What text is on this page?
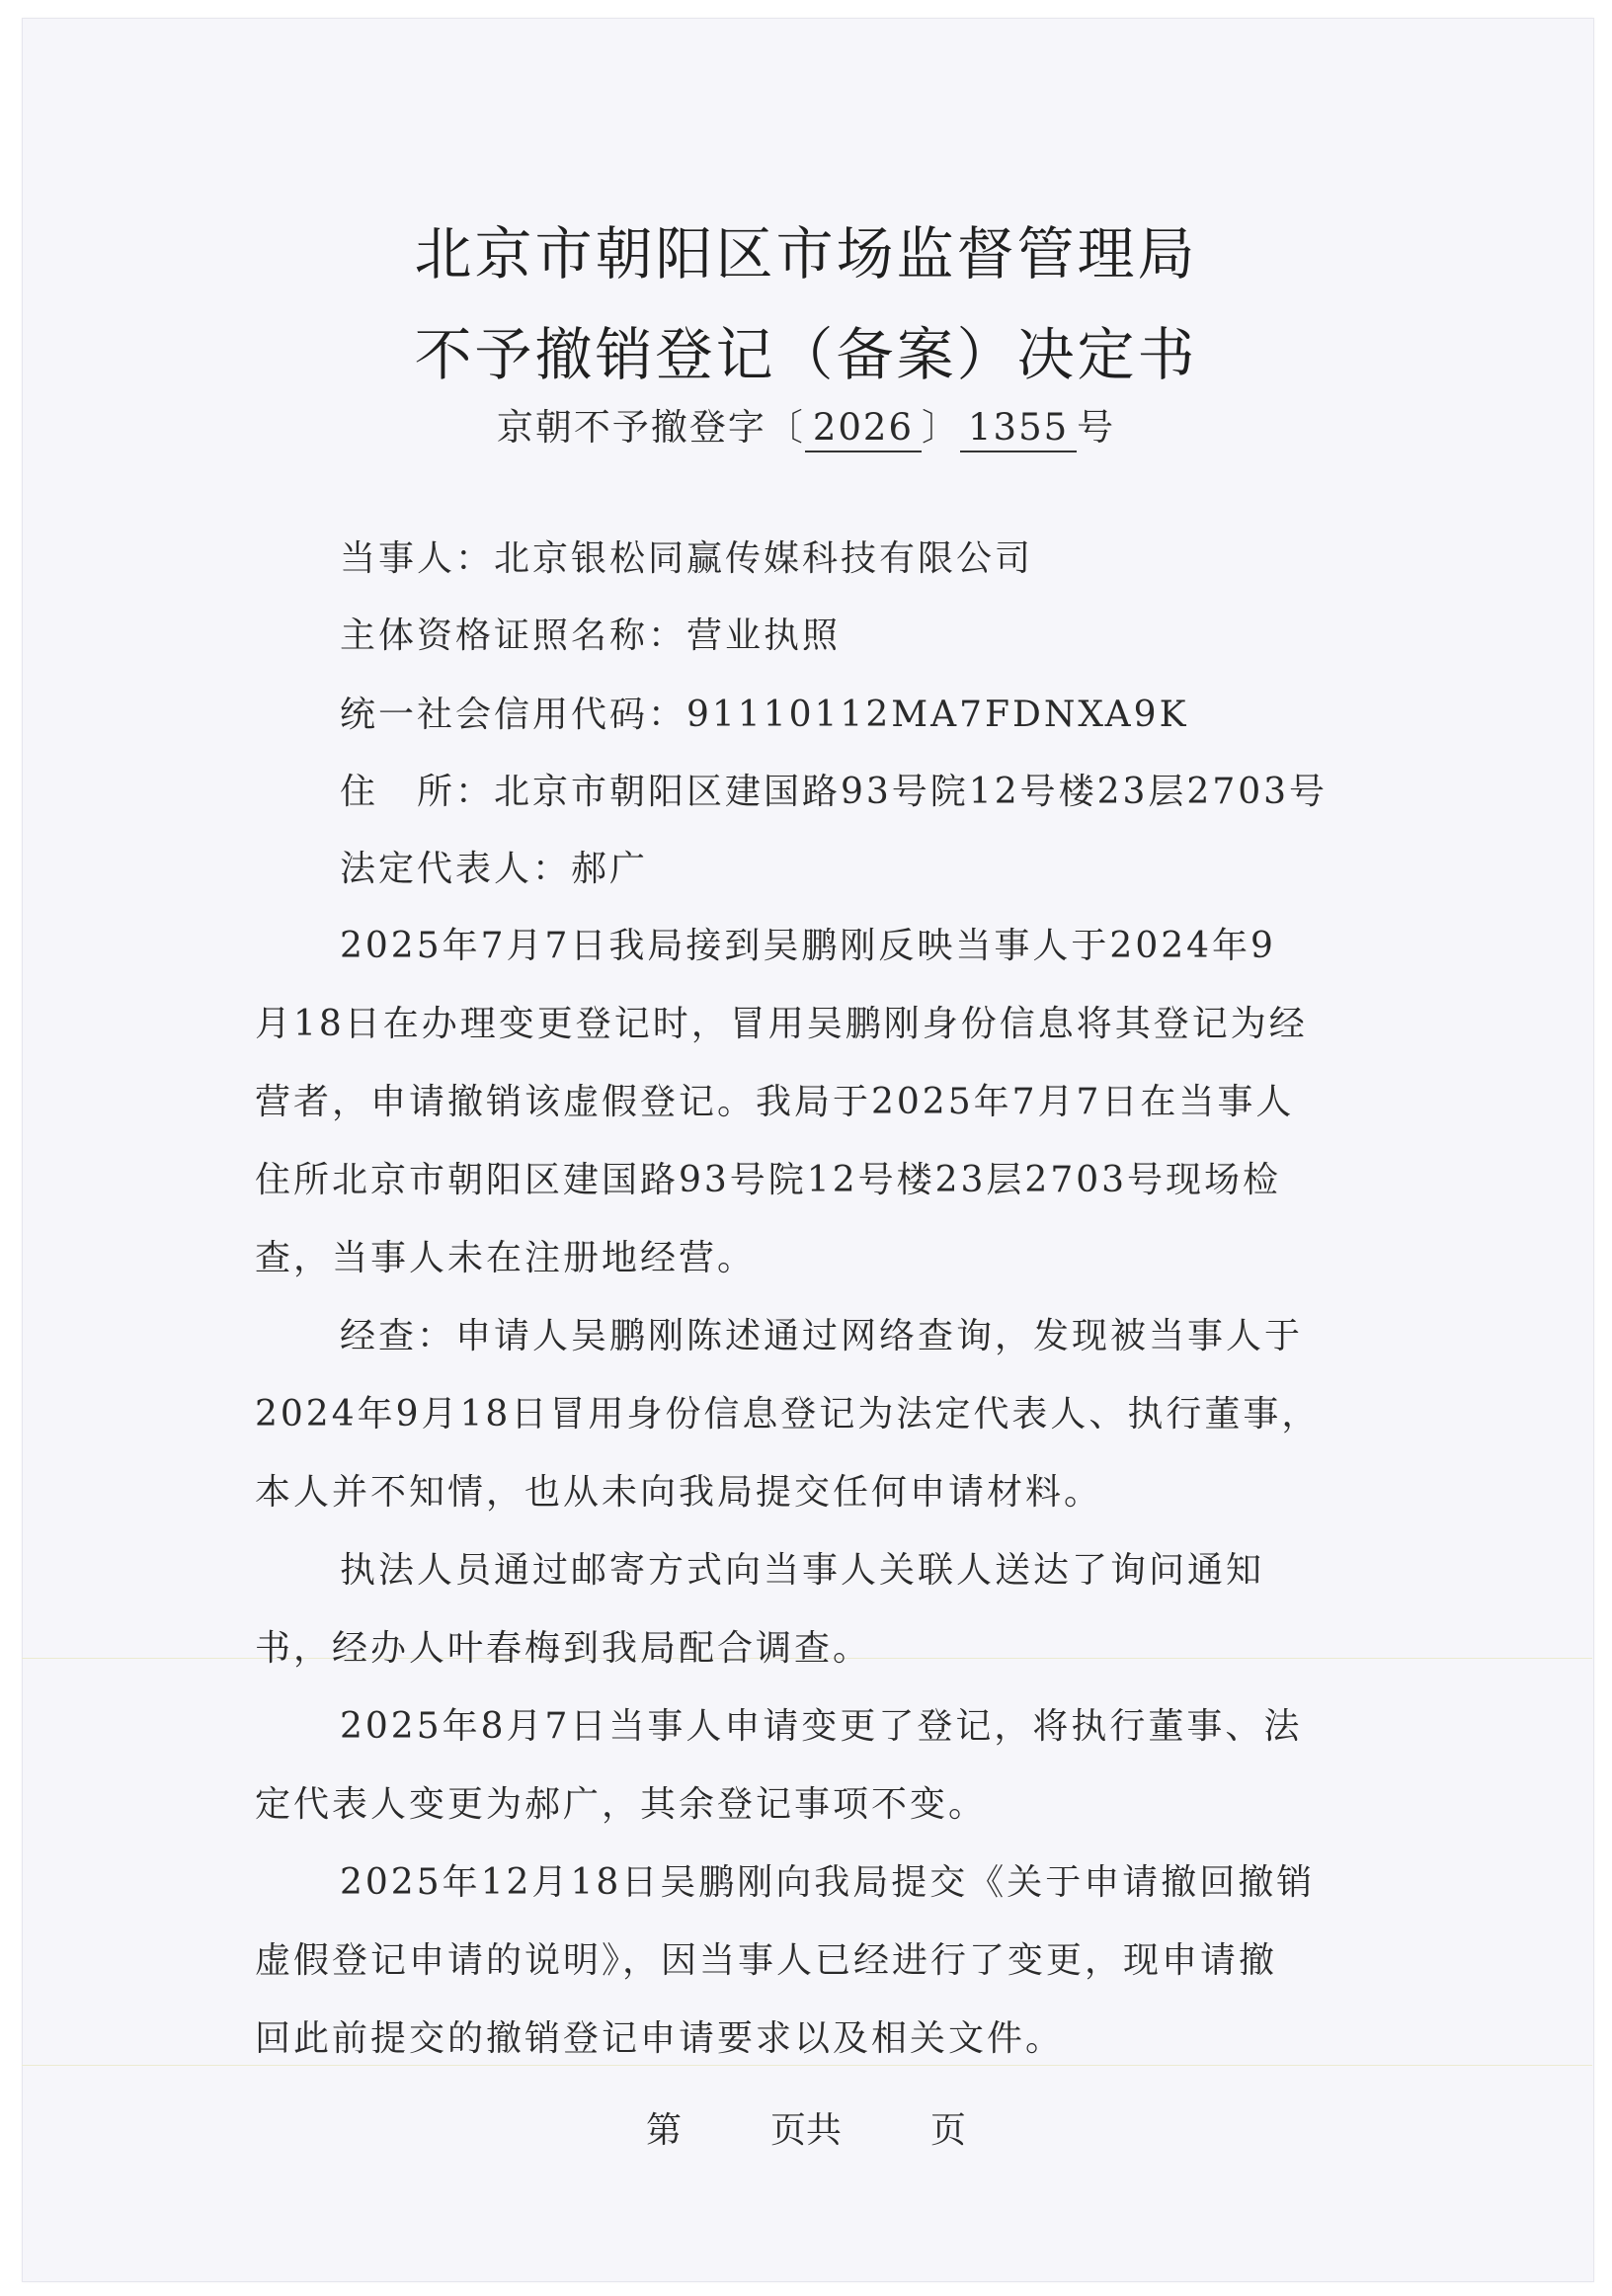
北京市朝阳区市场监督管理局
不予撤销登记（备案）决定书
京朝不予撤登字〔 2026 〕 1355 号
当事人：北京银松同赢传媒科技有限公司
主体资格证照名称：营业执照
统一社会信用代码：91110112MA7FDNXA9K
住　所：北京市朝阳区建国路93号院12号楼23层2703号
法定代表人：郝广
2025年7月7日我局接到吴鹏刚反映当事人于2024年9
月18日在办理变更登记时，冒用吴鹏刚身份信息将其登记为经
营者，申请撤销该虚假登记。我局于2025年7月7日在当事人
住所北京市朝阳区建国路93号院12号楼23层2703号现场检
查，当事人未在注册地经营。
经查：申请人吴鹏刚陈述通过网络查询，发现被当事人于
2024年9月18日冒用身份信息登记为法定代表人、执行董事，
本人并不知情，也从未向我局提交任何申请材料。
执法人员通过邮寄方式向当事人关联人送达了询问通知
书，经办人叶春梅到我局配合调查。
2025年8月7日当事人申请变更了登记，将执行董事、法
定代表人变更为郝广，其余登记事项不变。
2025年12月18日吴鹏刚向我局提交《关于申请撤回撤销
虚假登记申请的说明》，因当事人已经进行了变更，现申请撤
回此前提交的撤销登记申请要求以及相关文件。
第	页共	页
